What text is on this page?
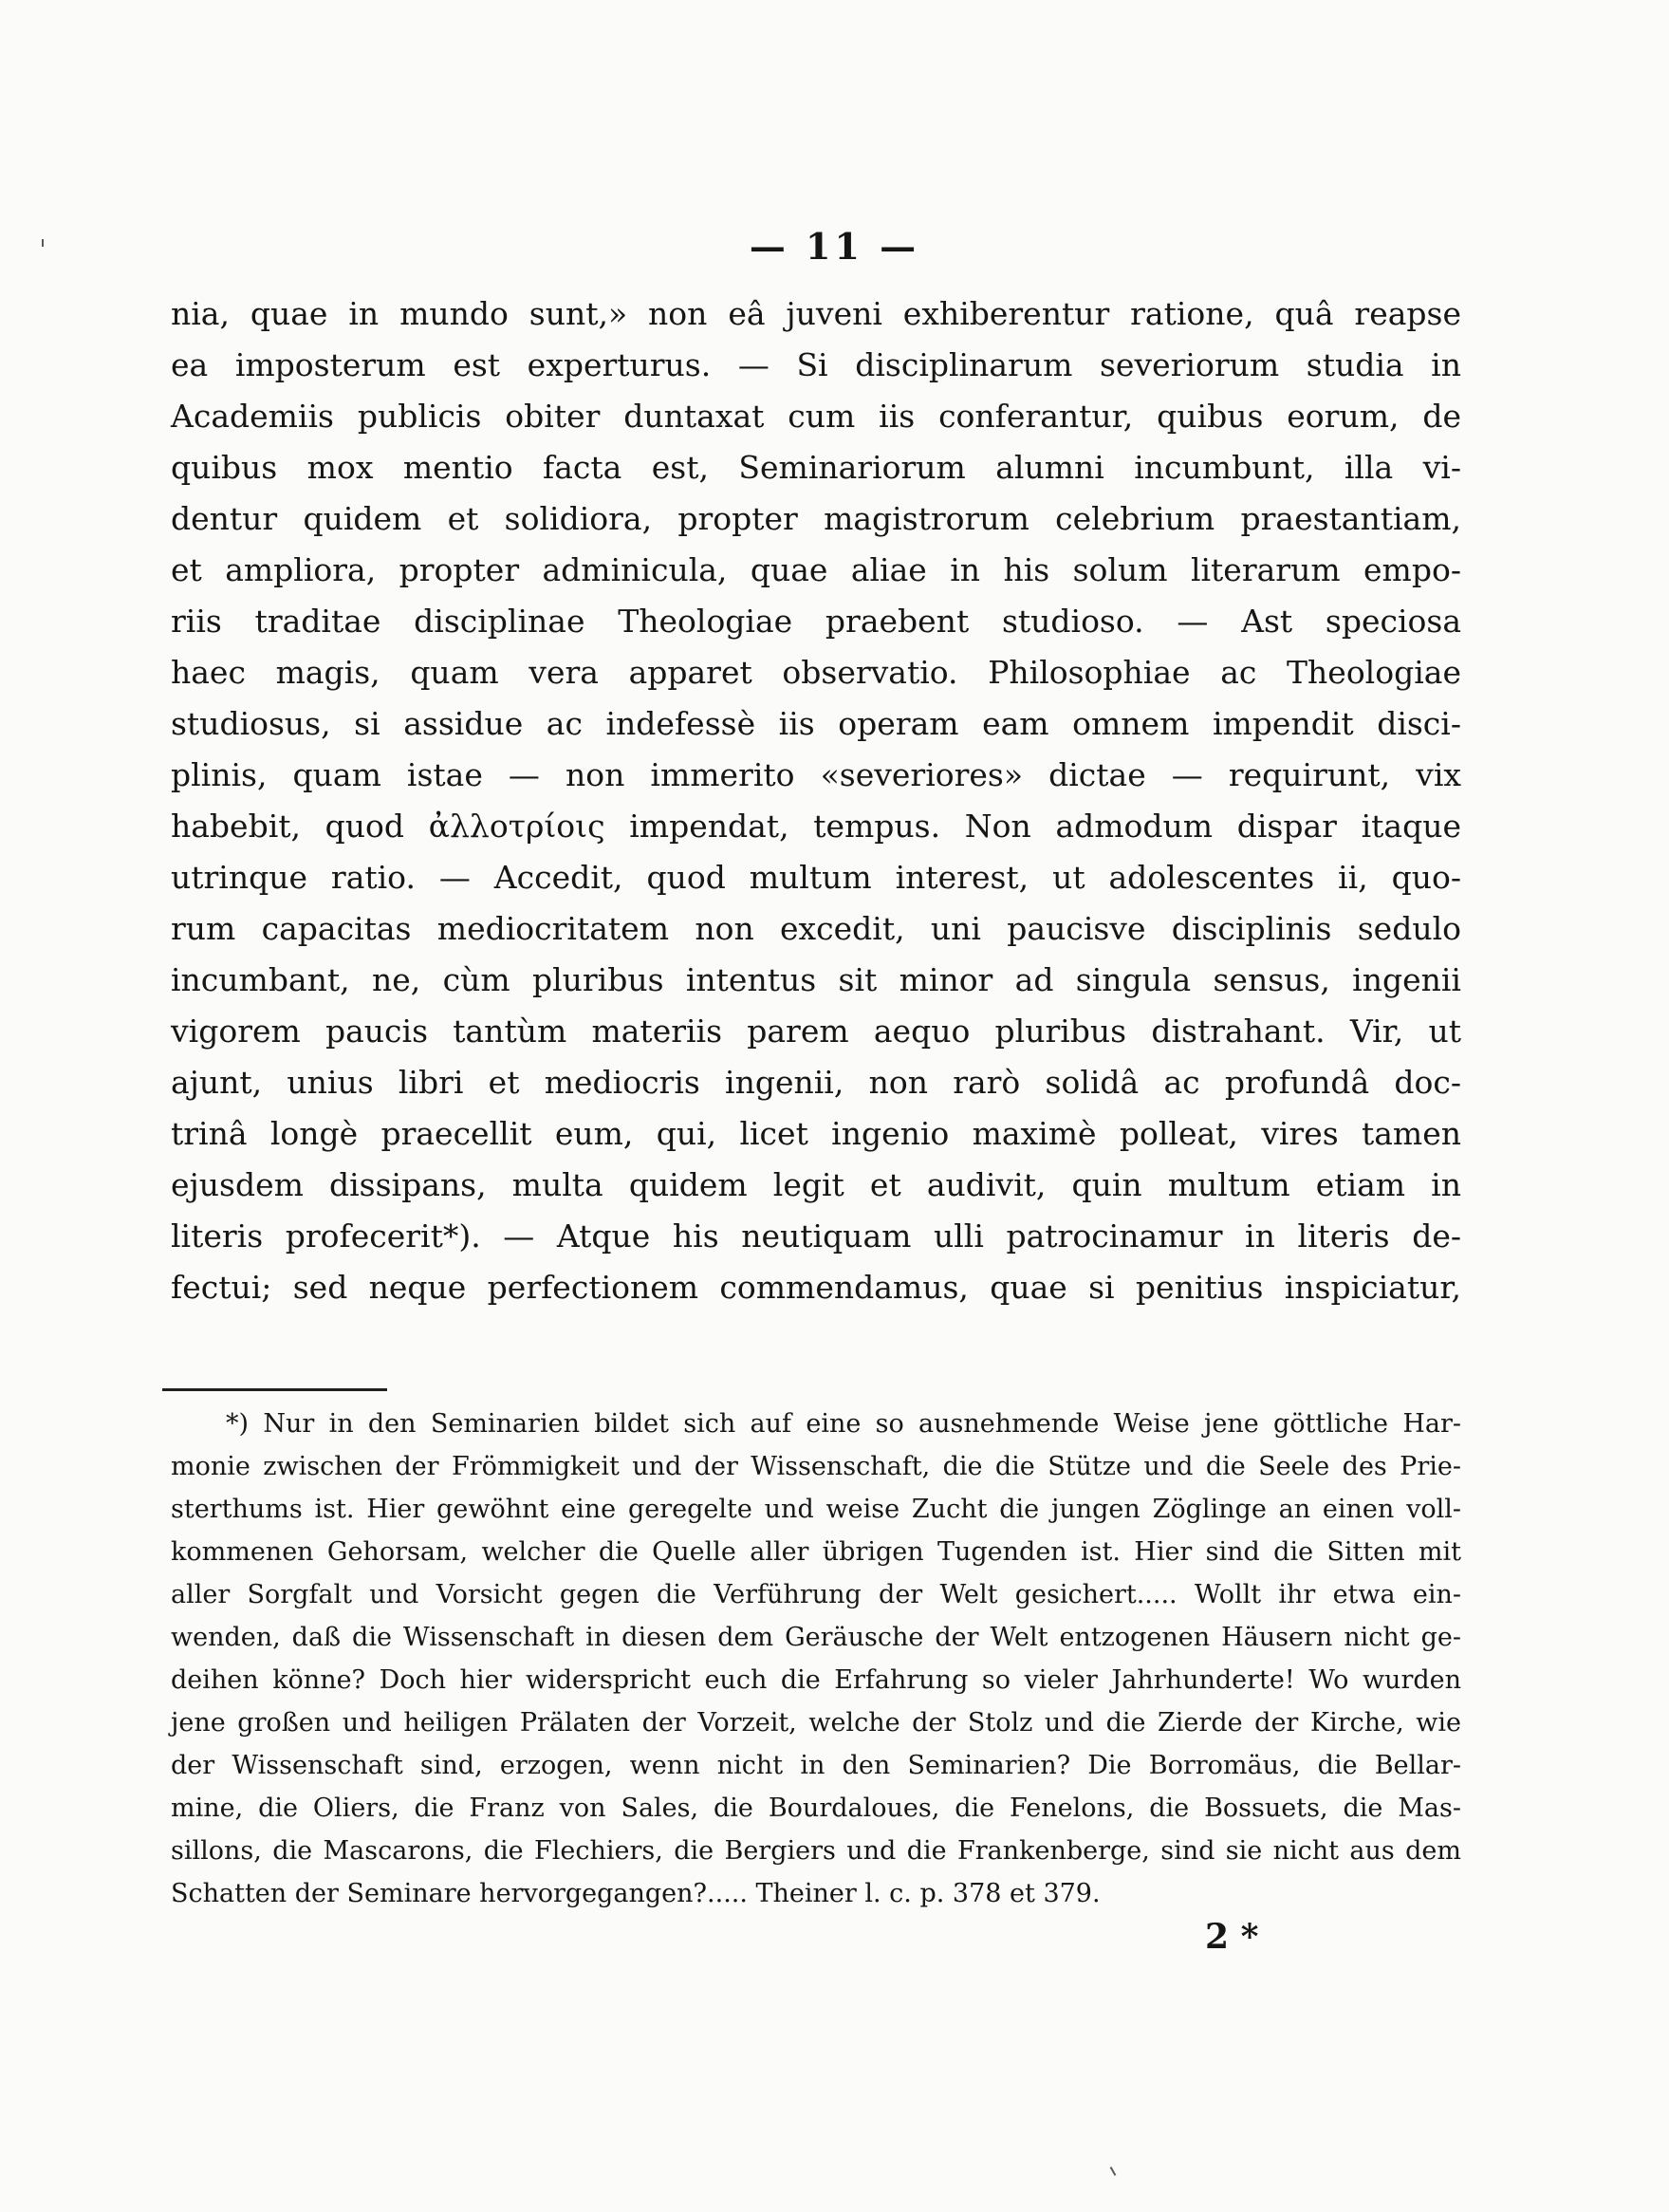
— 11 —
nia, quae in mundo sunt,» non eâ juveni exhiberentur ratione, quâ reapse
ea imposterum est experturus. — Si disciplinarum severiorum studia in
Academiis publicis obiter duntaxat cum iis conferantur, quibus eorum, de
quibus mox mentio facta est, Seminariorum alumni incumbunt, illa vi-
dentur quidem et solidiora, propter magistrorum celebrium praestantiam,
et ampliora, propter adminicula, quae aliae in his solum literarum empo-
riis traditae disciplinae Theologiae praebent studioso. — Ast speciosa
haec magis, quam vera apparet observatio. Philosophiae ac Theologiae
studiosus, si assidue ac indefessè iis operam eam omnem impendit disci-
plinis, quam istae — non immerito «severiores» dictae — requirunt, vix
habebit, quod ἀλλοτρίοις impendat, tempus. Non admodum dispar itaque
utrinque ratio. — Accedit, quod multum interest, ut adolescentes ii, quo-
rum capacitas mediocritatem non excedit, uni paucisve disciplinis sedulo
incumbant, ne, cùm pluribus intentus sit minor ad singula sensus, ingenii
vigorem paucis tantùm materiis parem aequo pluribus distrahant. Vir, ut
ajunt, unius libri et mediocris ingenii, non rarò solidâ ac profundâ doc-
trinâ longè praecellit eum, qui, licet ingenio maximè polleat, vires tamen
ejusdem dissipans, multa quidem legit et audivit, quin multum etiam in
literis profecerit*). — Atque his neutiquam ulli patrocinamur in literis de-
fectui; sed neque perfectionem commendamus, quae si penitius inspiciatur,
*) Nur in den Seminarien bildet sich auf eine so ausnehmende Weise jene göttliche Har-
monie zwischen der Frömmigkeit und der Wissenschaft, die die Stütze und die Seele des Prie-
sterthums ist. Hier gewöhnt eine geregelte und weise Zucht die jungen Zöglinge an einen voll-
kommenen Gehorsam, welcher die Quelle aller übrigen Tugenden ist. Hier sind die Sitten mit
aller Sorgfalt und Vorsicht gegen die Verführung der Welt gesichert..... Wollt ihr etwa ein-
wenden, daß die Wissenschaft in diesen dem Geräusche der Welt entzogenen Häusern nicht ge-
deihen könne? Doch hier widerspricht euch die Erfahrung so vieler Jahrhunderte! Wo wurden
jene großen und heiligen Prälaten der Vorzeit, welche der Stolz und die Zierde der Kirche, wie
der Wissenschaft sind, erzogen, wenn nicht in den Seminarien? Die Borromäus, die Bellar-
mine, die Oliers, die Franz von Sales, die Bourdaloues, die Fenelons, die Bossuets, die Mas-
sillons, die Mascarons, die Flechiers, die Bergiers und die Frankenberge, sind sie nicht aus dem
Schatten der Seminare hervorgegangen?..... Theiner l. c. p. 378 et 379.
2 *
